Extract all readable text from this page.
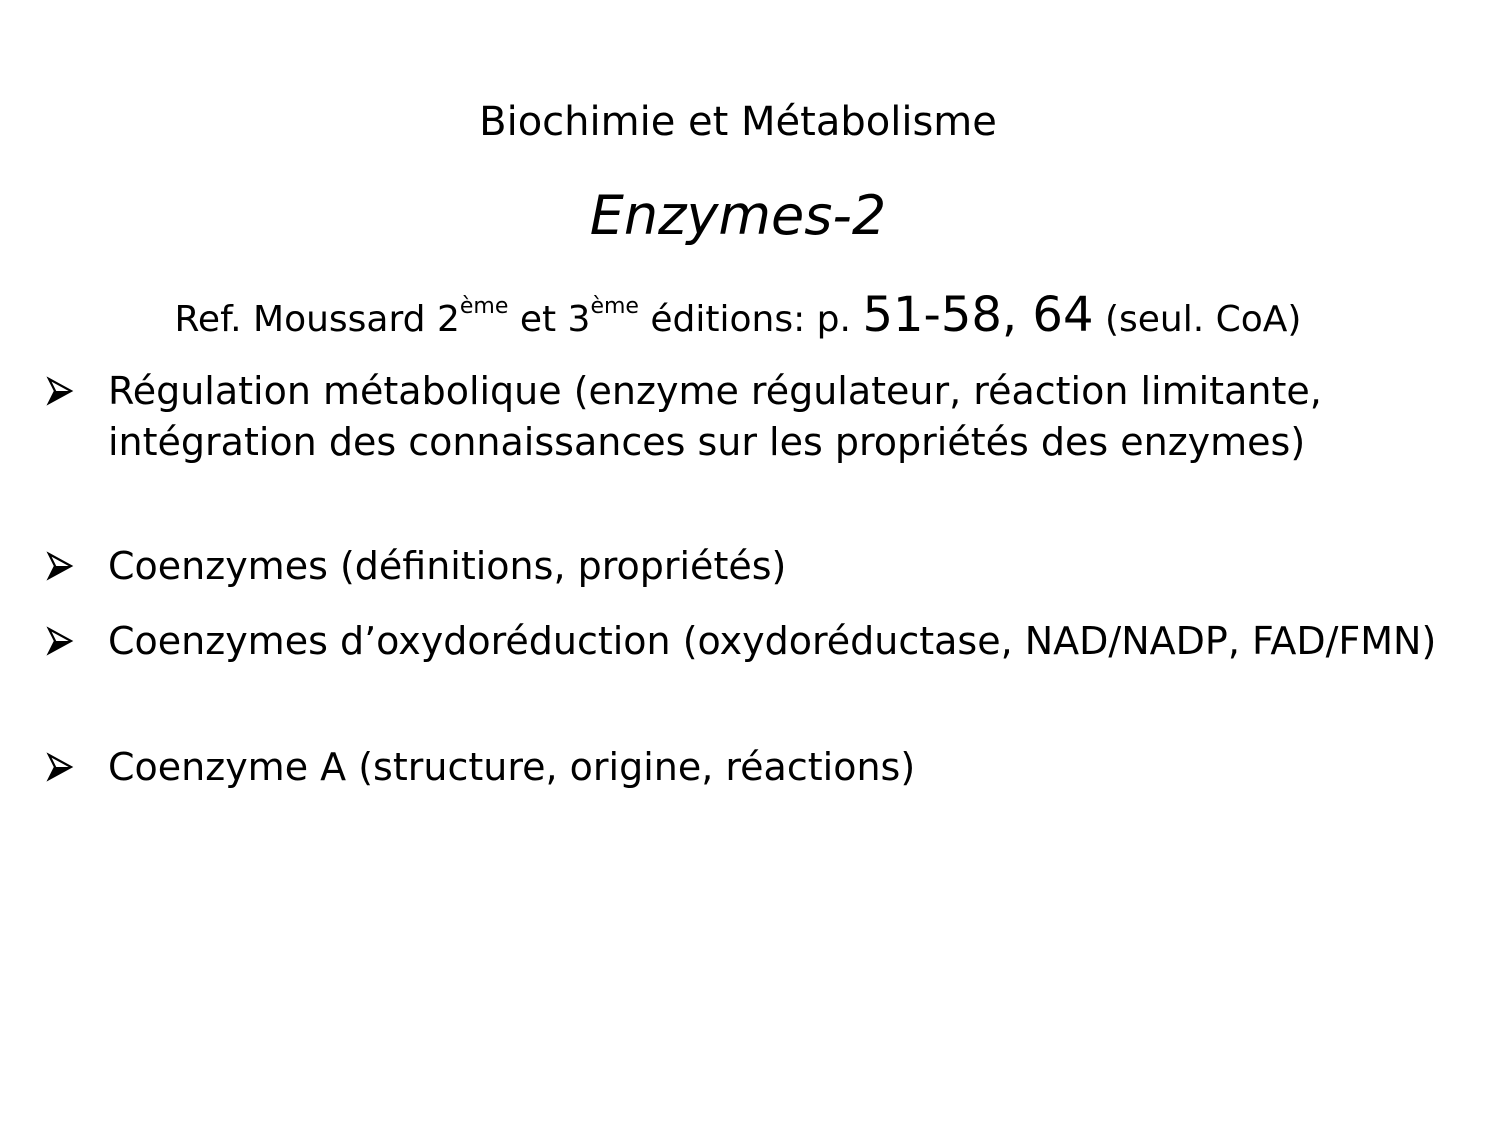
Biochimie et Métabolisme
Enzymes-2
Ref. Moussard 2ème et 3ème éditions: p. 51-58, 64 (seul. CoA)
Régulation métabolique (enzyme régulateur, réaction limitante, intégration des connaissances sur les propriétés des enzymes)
Coenzymes (définitions, propriétés)
Coenzymes d’oxydoréduction (oxydoréductase, NAD/NADP, FAD/FMN)
Coenzyme A (structure, origine, réactions)
